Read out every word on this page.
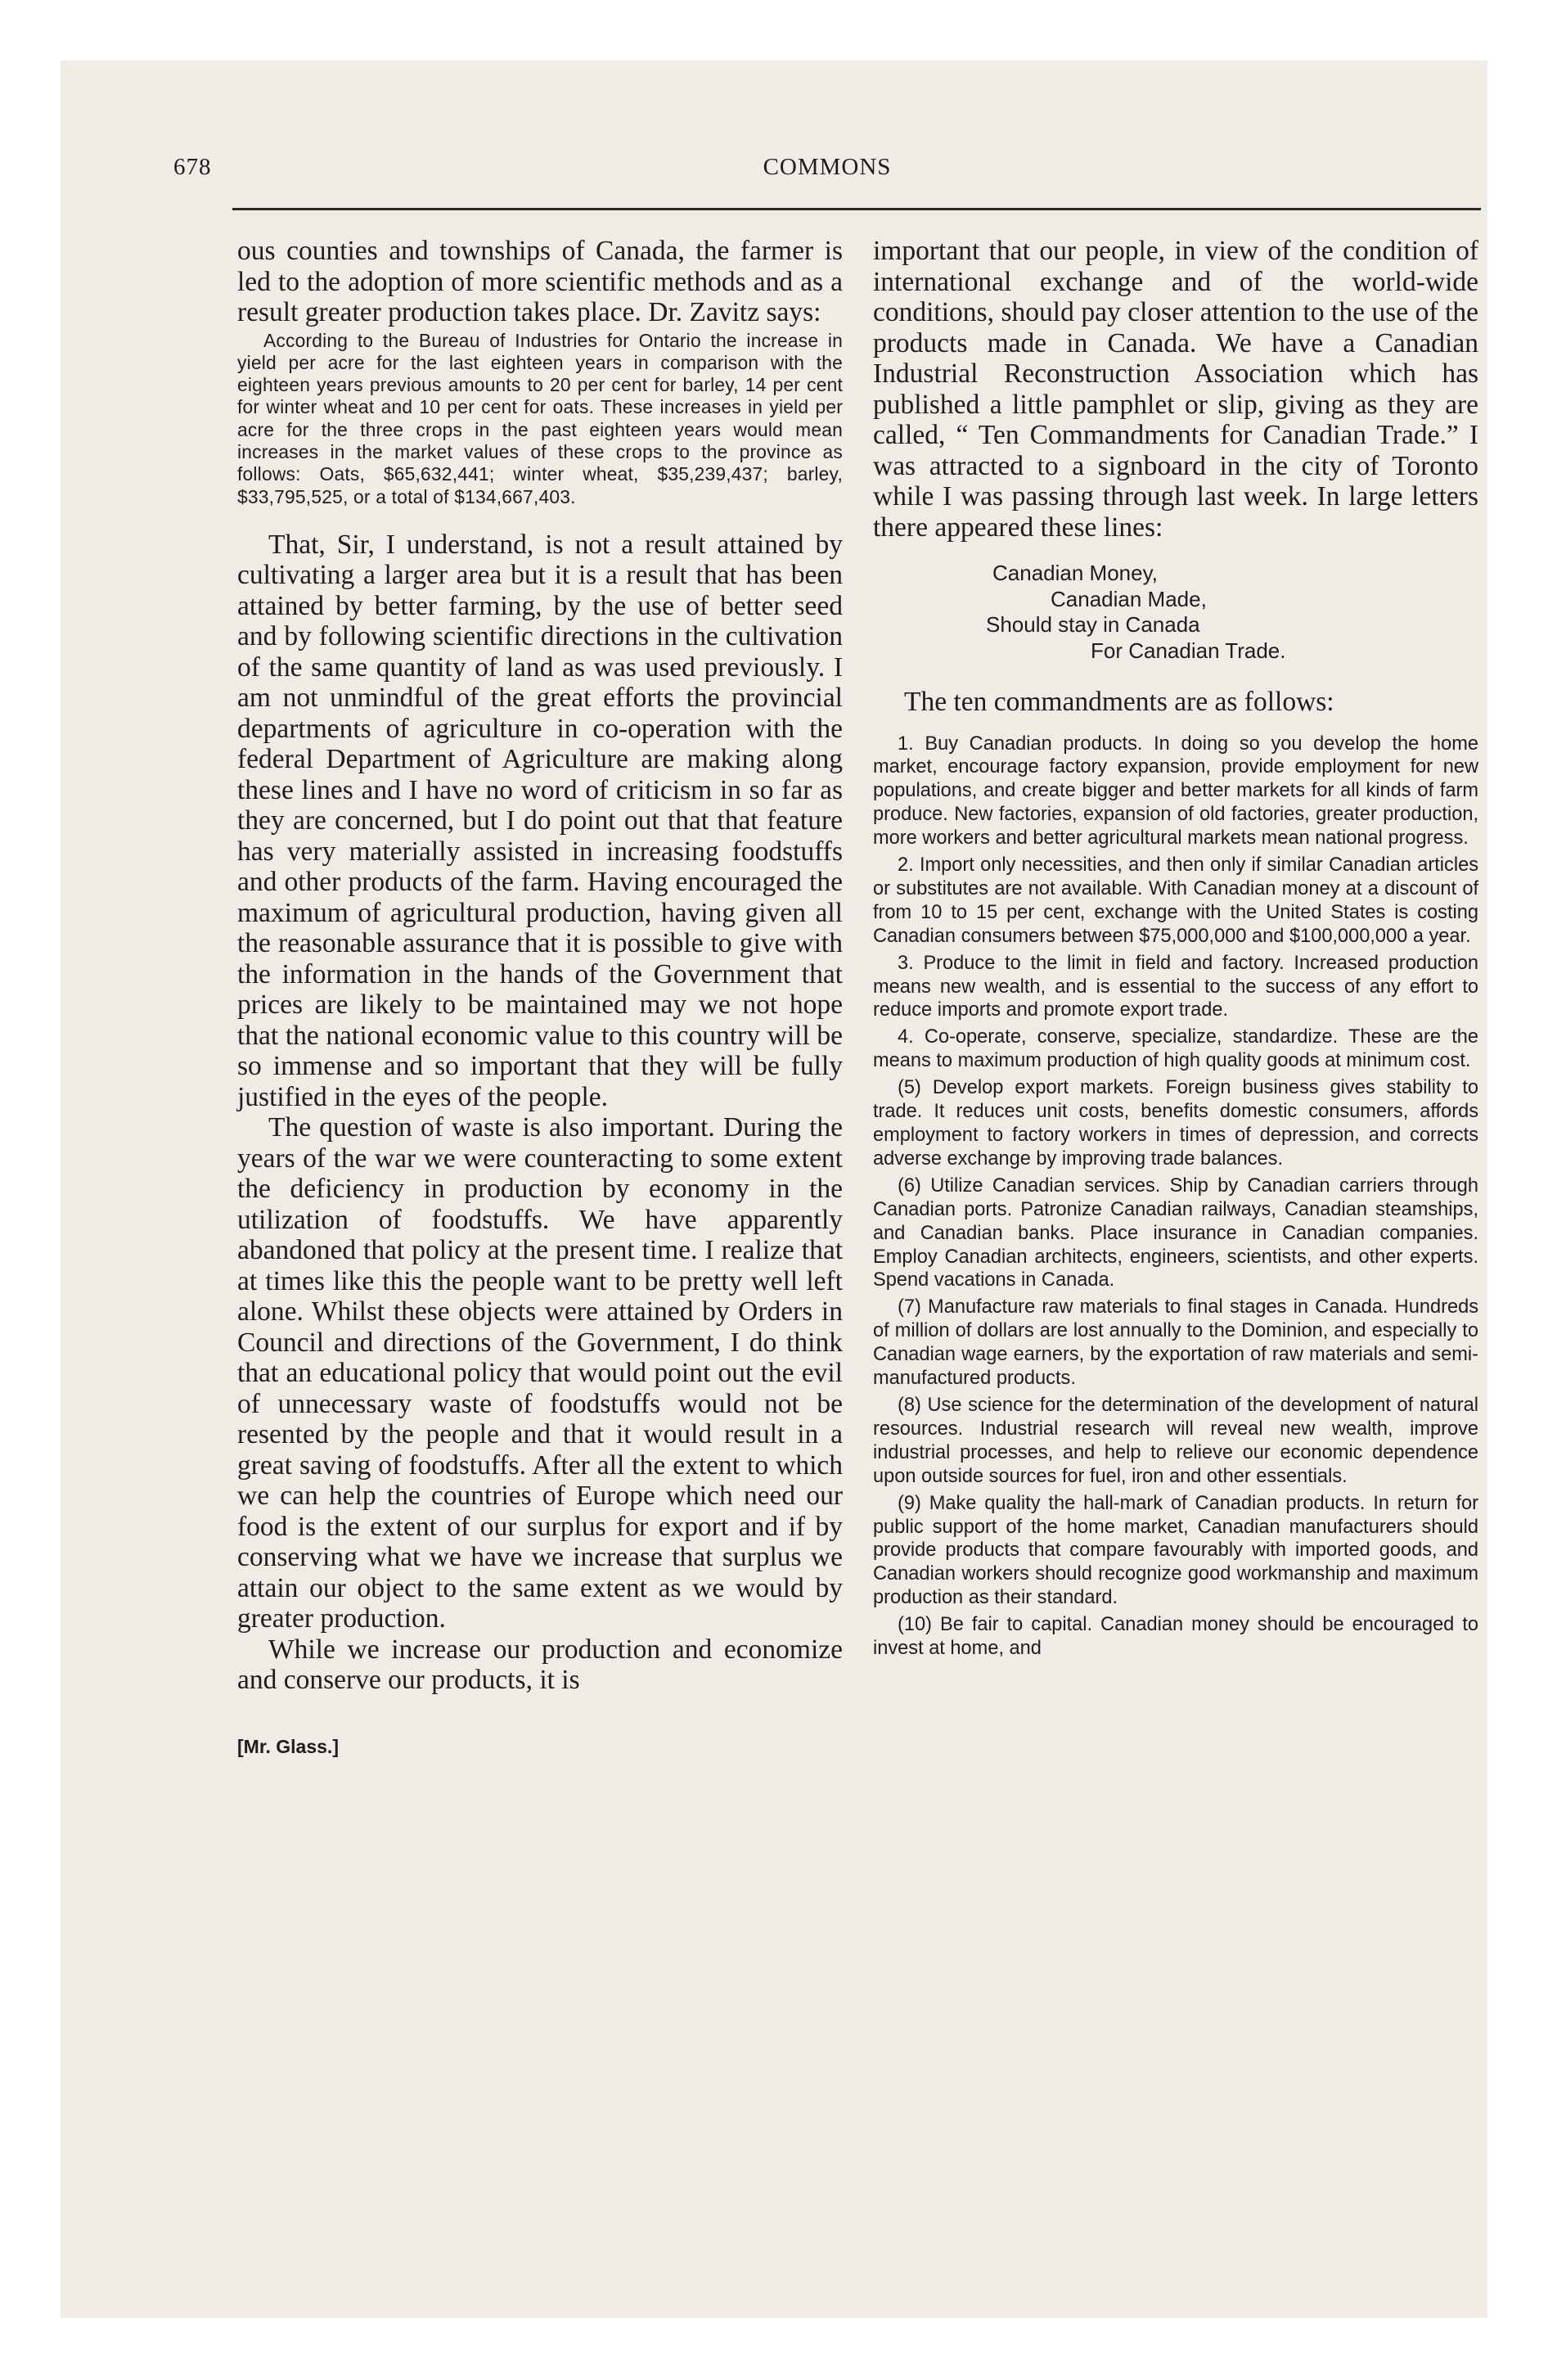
678	COMMONS

ous counties and townships of Canada, the farmer is led to the adoption of more scientific methods and as a result greater production takes place. Dr. Zavitz says:

According to the Bureau of Industries for Ontario the increase in yield per acre for the last eighteen years in comparison with the eighteen years previous amounts to 20 per cent for barley, 14 per cent for winter wheat and 10 per cent for oats. These increases in yield per acre for the three crops in the past eighteen years would mean increases in the market values of these crops to the province as follows: Oats, $65,632,441; winter wheat, $35,239,437; barley, $33,795,525, or a total of $134,667,403.

That, Sir, I understand, is not a result attained by cultivating a larger area but it is a result that has been attained by better farming, by the use of better seed and by following scientific directions in the cultivation of the same quantity of land as was used previously. I am not unmindful of the great efforts the provincial departments of agriculture in co-operation with the federal Department of Agriculture are making along these lines and I have no word of criticism in so far as they are concerned, but I do point out that that feature has very materially assisted in increasing foodstuffs and other products of the farm. Having encouraged the maximum of agricultural production, having given all the reasonable assurance that it is possible to give with the information in the hands of the Government that prices are likely to be maintained may we not hope that the national economic value to this country will be so immense and so important that they will be fully justified in the eyes of the people.

The question of waste is also important. During the years of the war we were counteracting to some extent the deficiency in production by economy in the utilization of foodstuffs. We have apparently abandoned that policy at the present time. I realize that at times like this the people want to be pretty well left alone. Whilst these objects were attained by Orders in Council and directions of the Government, I do think that an educational policy that would point out the evil of unnecessary waste of foodstuffs would not be resented by the people and that it would result in a great saving of foodstuffs. After all the extent to which we can help the countries of Europe which need our food is the extent of our surplus for export and if by conserving what we have we increase that surplus we attain our object to the same extent as we would by greater production.

While we increase our production and economize and conserve our products, it is

[Mr. Glass.]

important that our people, in view of the condition of international exchange and of the world-wide conditions, should pay closer attention to the use of the products made in Canada. We have a Canadian Industrial Reconstruction Association which has published a little pamphlet or slip, giving as they are called, “ Ten Commandments for Canadian Trade.” I was attracted to a signboard in the city of Toronto while I was passing through last week. In large letters there appeared these lines:

Canadian Money,
Canadian Made,
Should stay in Canada
For Canadian Trade.

The ten commandments are as follows:

1. Buy Canadian products. In doing so you develop the home market, encourage factory expansion, provide employment for new populations, and create bigger and better markets for all kinds of farm produce. New factories, expansion of old factories, greater production, more workers and better agricultural markets mean national progress.

2. Import only necessities, and then only if similar Canadian articles or substitutes are not available. With Canadian money at a discount of from 10 to 15 per cent, exchange with the United States is costing Canadian consumers between $75,000,000 and $100,000,000 a year.

3. Produce to the limit in field and factory. Increased production means new wealth, and is essential to the success of any effort to reduce imports and promote export trade.

4. Co-operate, conserve, specialize, standardize. These are the means to maximum production of high quality goods at minimum cost.

(5) Develop export markets. Foreign business gives stability to trade. It reduces unit costs, benefits domestic consumers, affords employment to factory workers in times of depression, and corrects adverse exchange by improving trade balances.

(6) Utilize Canadian services. Ship by Canadian carriers through Canadian ports. Patronize Canadian railways, Canadian steamships, and Canadian banks. Place insurance in Canadian companies. Employ Canadian architects, engineers, scientists, and other experts. Spend vacations in Canada.

(7) Manufacture raw materials to final stages in Canada. Hundreds of million of dollars are lost annually to the Dominion, and especially to Canadian wage earners, by the exportation of raw materials and semi-manufactured products.

(8) Use science for the determination of the development of natural resources. Industrial research will reveal new wealth, improve industrial processes, and help to relieve our economic dependence upon outside sources for fuel, iron and other essentials.

(9) Make quality the hall-mark of Canadian products. In return for public support of the home market, Canadian manufacturers should provide products that compare favourably with imported goods, and Canadian workers should recognize good workmanship and maximum production as their standard.

(10) Be fair to capital. Canadian money should be encouraged to invest at home, and
